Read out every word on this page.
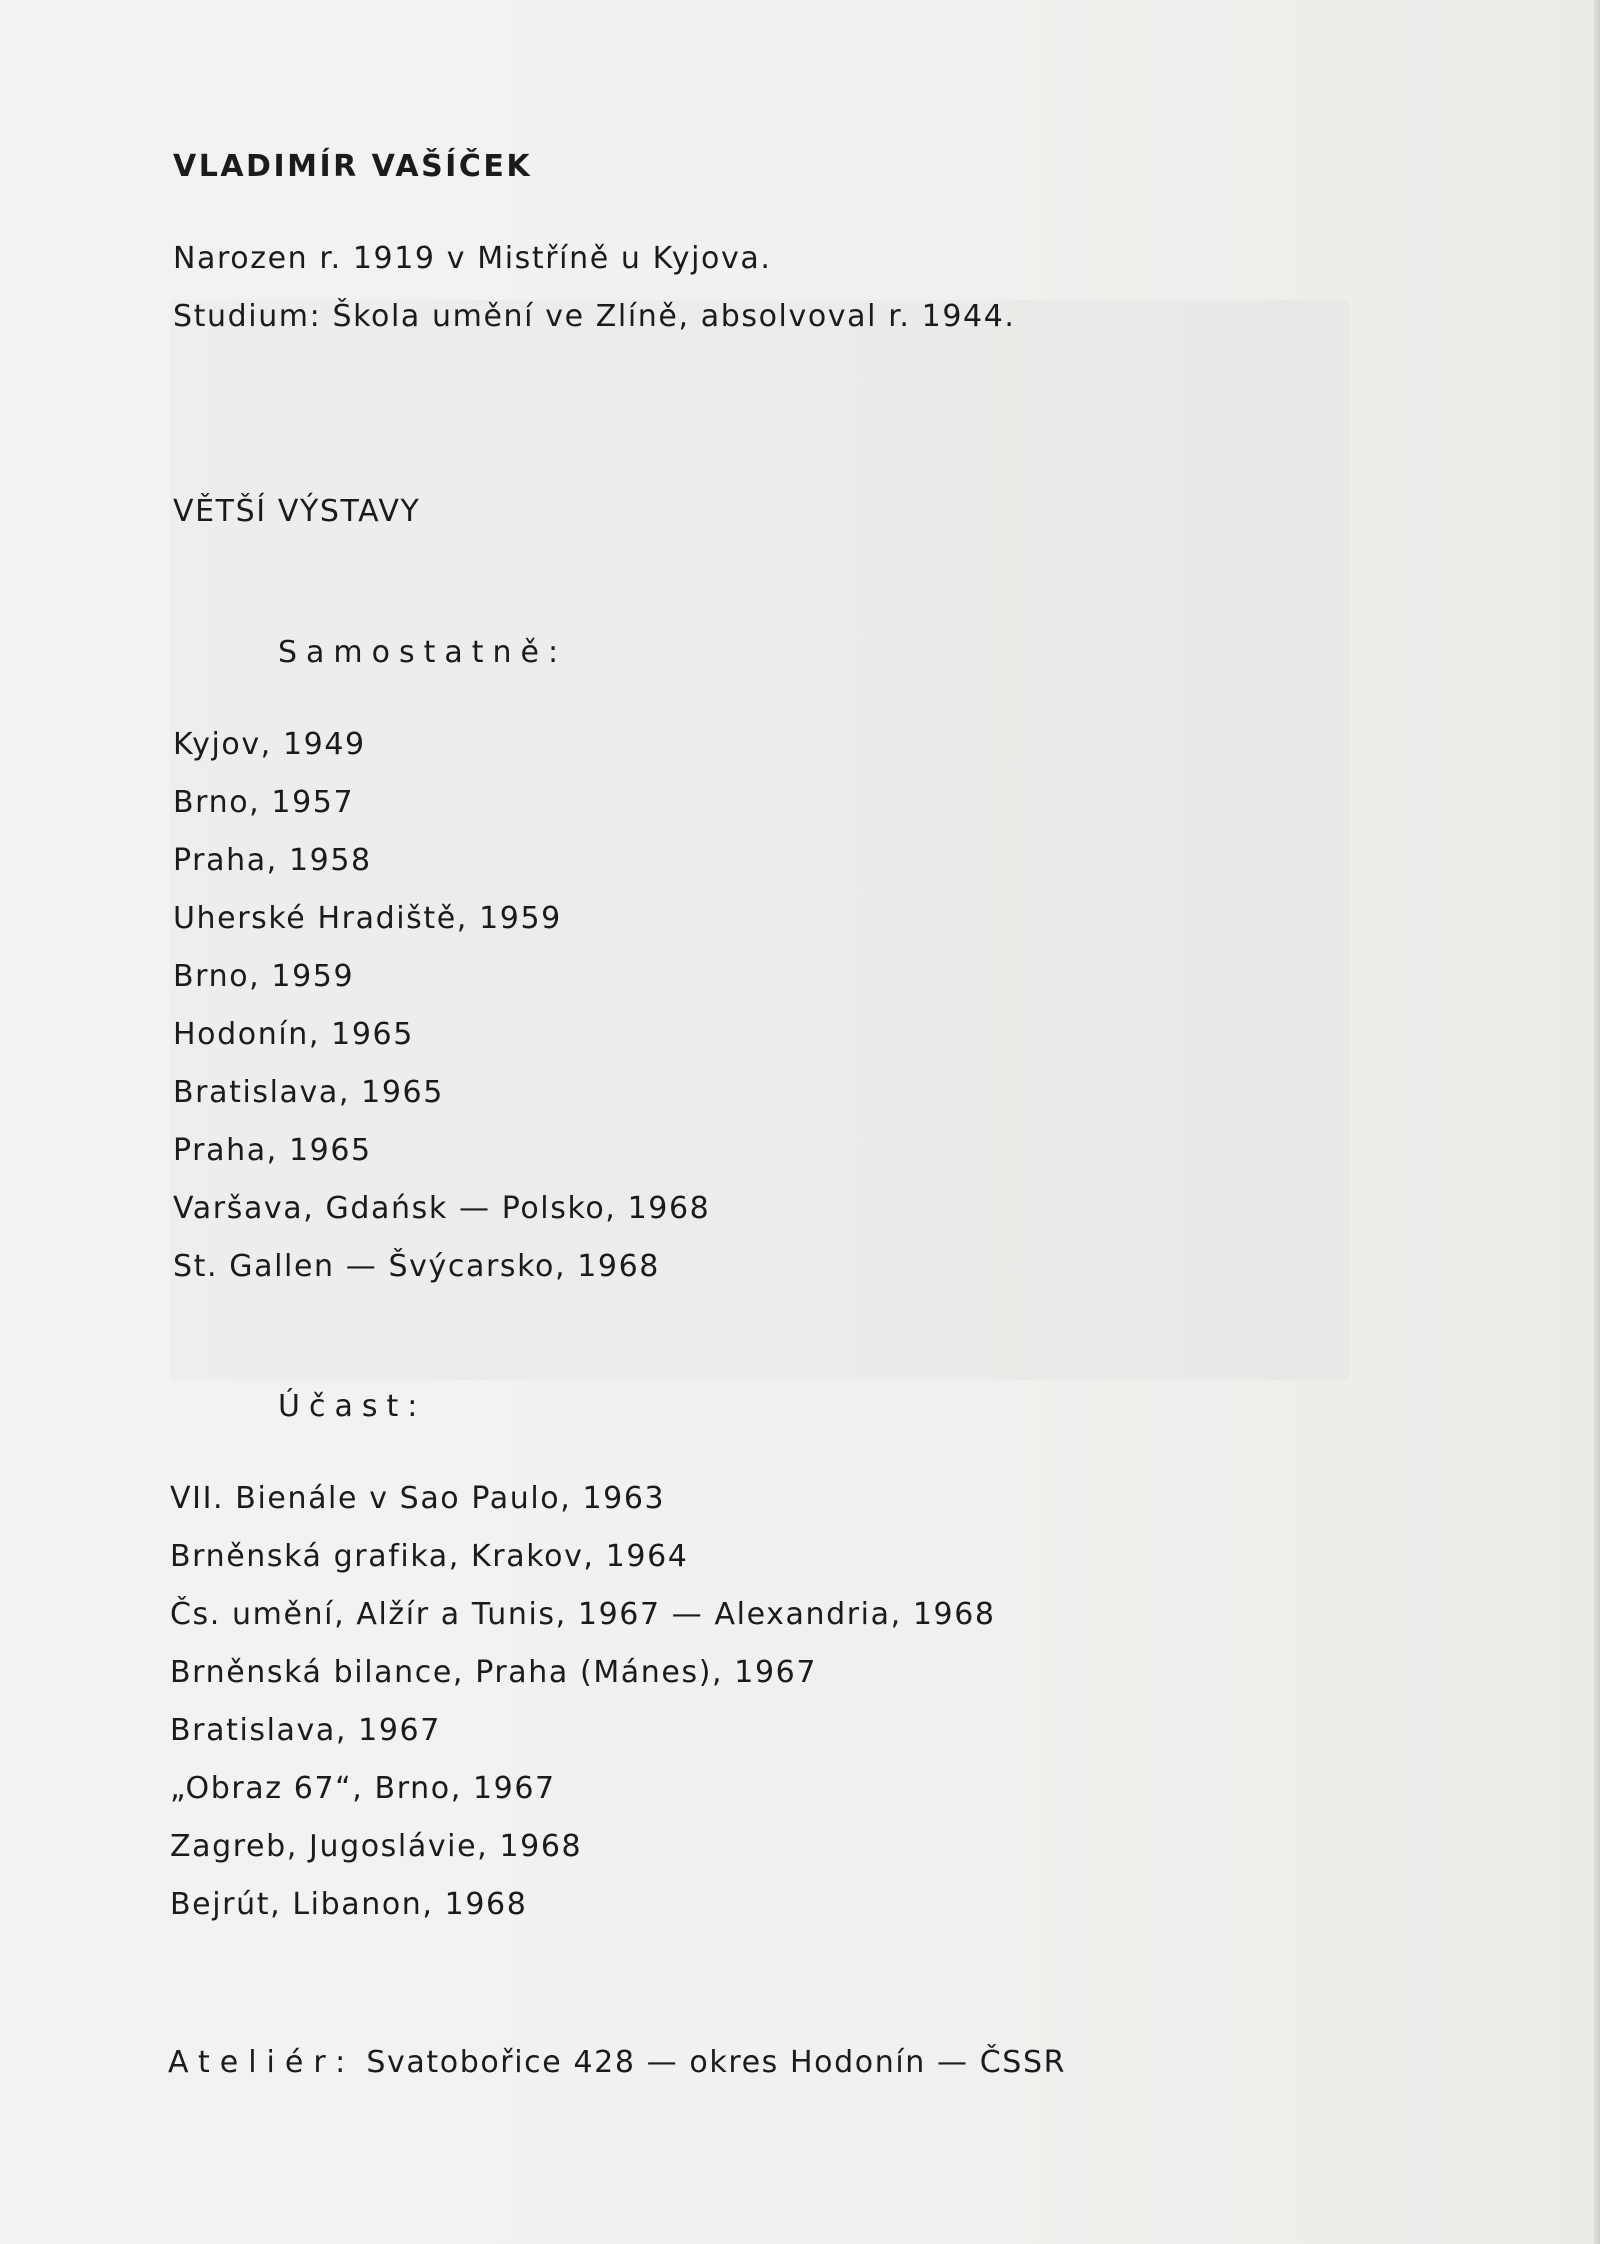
VLADIMÍR VAŠÍČEK
Narozen r. 1919 v Mistříně u Kyjova.
Studium: Škola umění ve Zlíně, absolvoval r. 1944.
VĚTŠÍ VÝSTAVY
Samostatně:
Kyjov, 1949
Brno, 1957
Praha, 1958
Uherské Hradiště, 1959
Brno, 1959
Hodonín, 1965
Bratislava, 1965
Praha, 1965
Varšava, Gdańsk — Polsko, 1968
St. Gallen — Švýcarsko, 1968
Účast:
VII. Bienále v Sao Paulo, 1963
Brněnská grafika, Krakov, 1964
Čs. umění, Alžír a Tunis, 1967 — Alexandria, 1968
Brněnská bilance, Praha (Mánes), 1967
Bratislava, 1967
„Obraz 67“, Brno, 1967
Zagreb, Jugoslávie, 1968
Bejrút, Libanon, 1968
Ateliér: Svatobořice 428 — okres Hodonín — ČSSR
